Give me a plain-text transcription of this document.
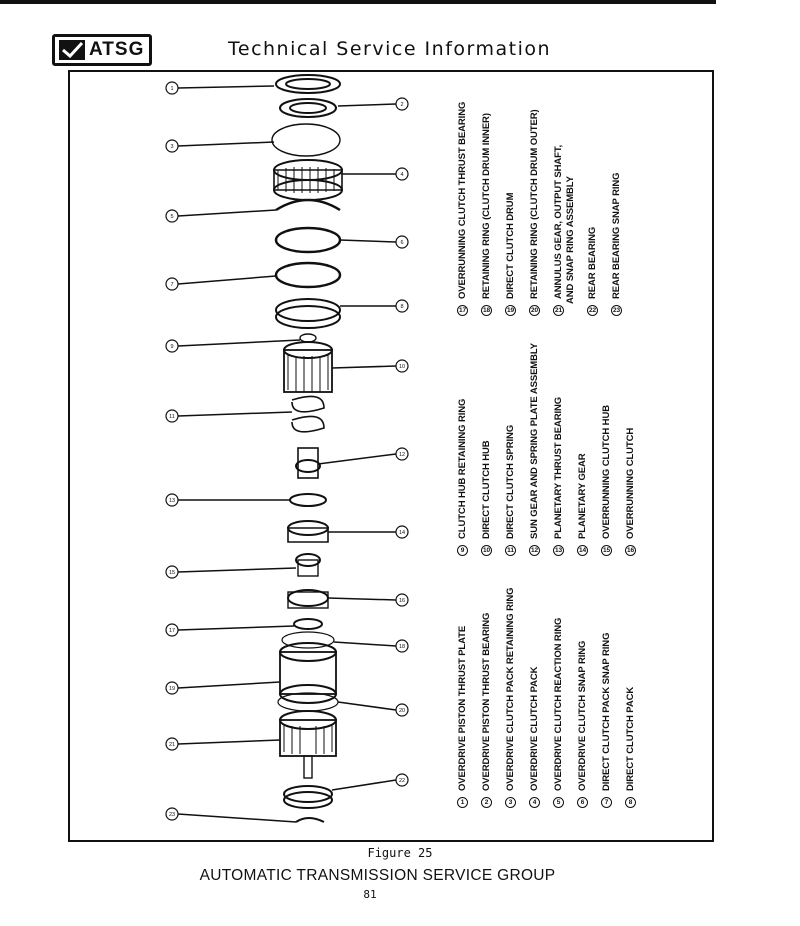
ATSG	Technical Service Information
1
2
3
4
5
6
7
8
9
10
11
12
13
14
15
16
17
18
19
20
21
22
23
1
OVERDRIVE PISTON THRUST PLATE
2
OVERDRIVE PISTON THRUST BEARING
3
OVERDRIVE CLUTCH PACK RETAINING RING
4
OVERDRIVE CLUTCH PACK
5
OVERDRIVE CLUTCH REACTION RING
6
OVERDRIVE CLUTCH SNAP RING
7
DIRECT CLUTCH PACK SNAP RING
8
DIRECT CLUTCH PACK
9
CLUTCH HUB RETAINING RING
10
DIRECT CLUTCH HUB
11
DIRECT CLUTCH SPRING
12
SUN GEAR AND SPRING PLATE ASSEMBLY
13
PLANETARY THRUST BEARING
14
PLANETARY GEAR
15
OVERRUNNING CLUTCH HUB
16
OVERRUNNING CLUTCH
17
OVERRUNNING CLUTCH THRUST BEARING
18
RETAINING RING (CLUTCH DRUM INNER)
19
DIRECT CLUTCH DRUM
20
RETAINING RING (CLUTCH DRUM OUTER)
21
ANNULUS GEAR, OUTPUT SHAFT, AND SNAP RING ASSEMBLY
22
REAR BEARING
23
REAR BEARING SNAP RING
Figure 25
AUTOMATIC TRANSMISSION SERVICE GROUP
81
